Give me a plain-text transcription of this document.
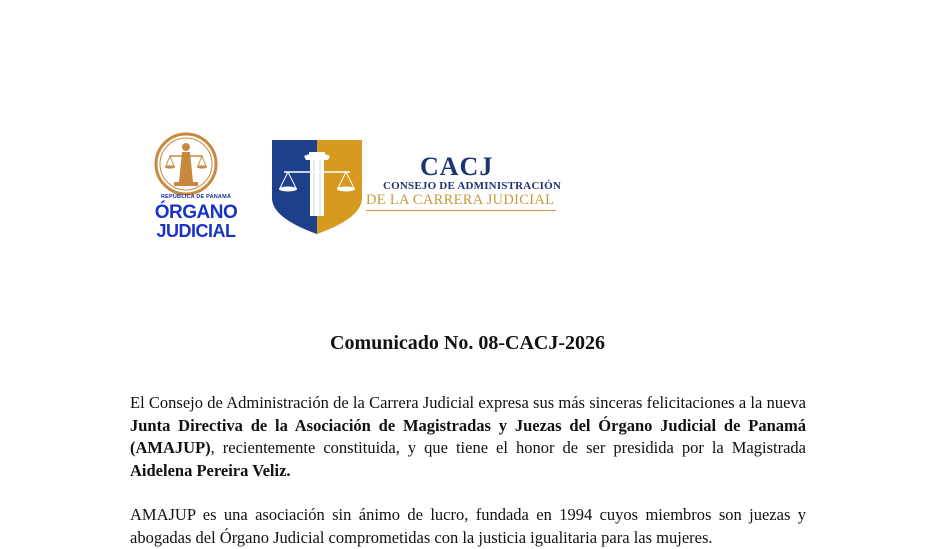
REPÚBLICA DE PANAMÁ
ÓRGANO
JUDICIAL
CACJ
CONSEJO DE ADMINISTRACIÓN
DE LA CARRERA JUDICIAL
Comunicado No. 08-CACJ-2026
El Consejo de Administración de la Carrera Judicial expresa sus más sinceras felicitaciones a la nueva Junta Directiva de la Asociación de Magistradas y Juezas del Órgano Judicial de Panamá (AMAJUP), recientemente constituida, y que tiene el honor de ser presidida por la Magistrada Aidelena Pereira Veliz.
AMAJUP es una asociación sin ánimo de lucro, fundada en 1994 cuyos miembros son juezas y abogadas del Órgano Judicial comprometidas con la justicia igualitaria para las mujeres.
